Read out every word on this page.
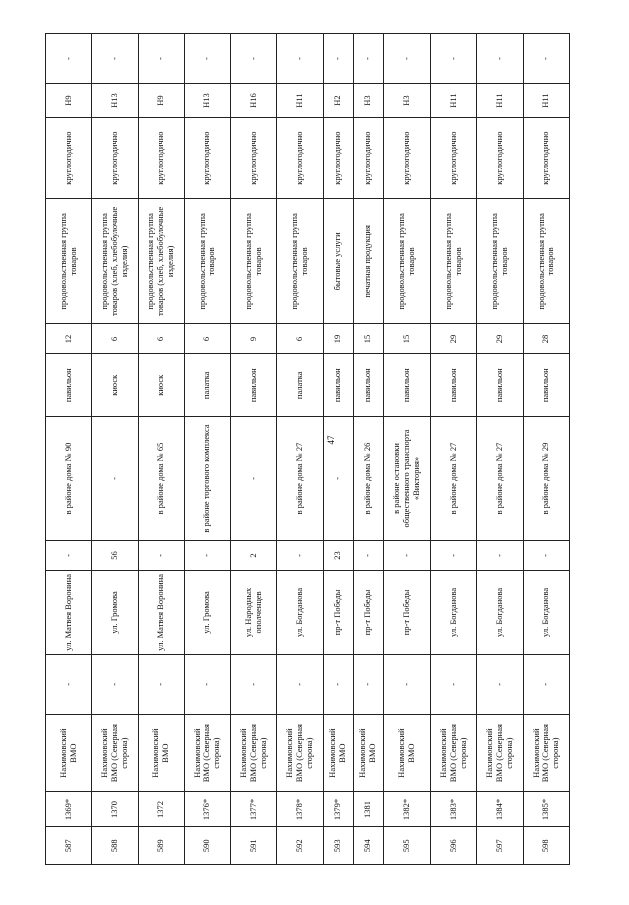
47
587	1369*	Нахимовский ВМО	-	ул. Матвея Воронина	-	в районе дома № 90	павильон	12	продовольственная группа товаров	круглогодично	Н9	-
588	1370	Нахимовский ВМО (Северная сторона)	-	ул. Громова	56	-	киоск	6	продовольственная группа товаров (хлеб, хлебобулочные изделия)	круглогодично	Н13	-
589	1372	Нахимовский ВМО	-	ул. Матвея Воронина	-	в районе дома № 65	киоск	6	продовольственная группа товаров (хлеб, хлебобулочные изделия)	круглогодично	Н9	-
590	1376*	Нахимовский ВМО (Северная сторона)	-	ул. Громова	-	в районе торгового комплекса	палатка	6	продовольственная группа товаров	круглогодично	Н13	-
591	1377*	Нахимовский ВМО (Северная сторона)	-	ул. Народных ополченцев	2	-	павильон	9	продовольственная группа товаров	круглогодично	Н16	-
592	1378*	Нахимовский ВМО (Северная сторона)	-	ул. Богданова	-	в районе дома № 27	палатка	6	продовольственная группа товаров	круглогодично	Н11	-
593	1379*	Нахимовский ВМО	-	пр-т Победы	23	-	павильон	19	бытовые услуги	круглогодично	Н2	-
594	1381	Нахимовский ВМО	-	пр-т Победы	-	в районе дома № 26	павильон	15	печатная продукция	круглогодично	Н3	-
595	1382*	Нахимовский ВМО	-	пр-т Победы	-	в районе остановки общественного транспорта «Виктория»	павильон	15	продовольственная группа товаров	круглогодично	Н3	-
596	1383*	Нахимовский ВМО (Северная сторона)	-	ул. Богданова	-	в районе дома № 27	павильон	29	продовольственная группа товаров	круглогодично	Н11	-
597	1384*	Нахимовский ВМО (Северная сторона)	-	ул. Богданова	-	в районе дома № 27	павильон	29	продовольственная группа товаров	круглогодично	Н11	-
598	1385*	Нахимовский ВМО (Северная сторона)	-	ул. Богданова	-	в районе дома № 29	павильон	28	продовольственная группа товаров	круглогодично	Н11	-
